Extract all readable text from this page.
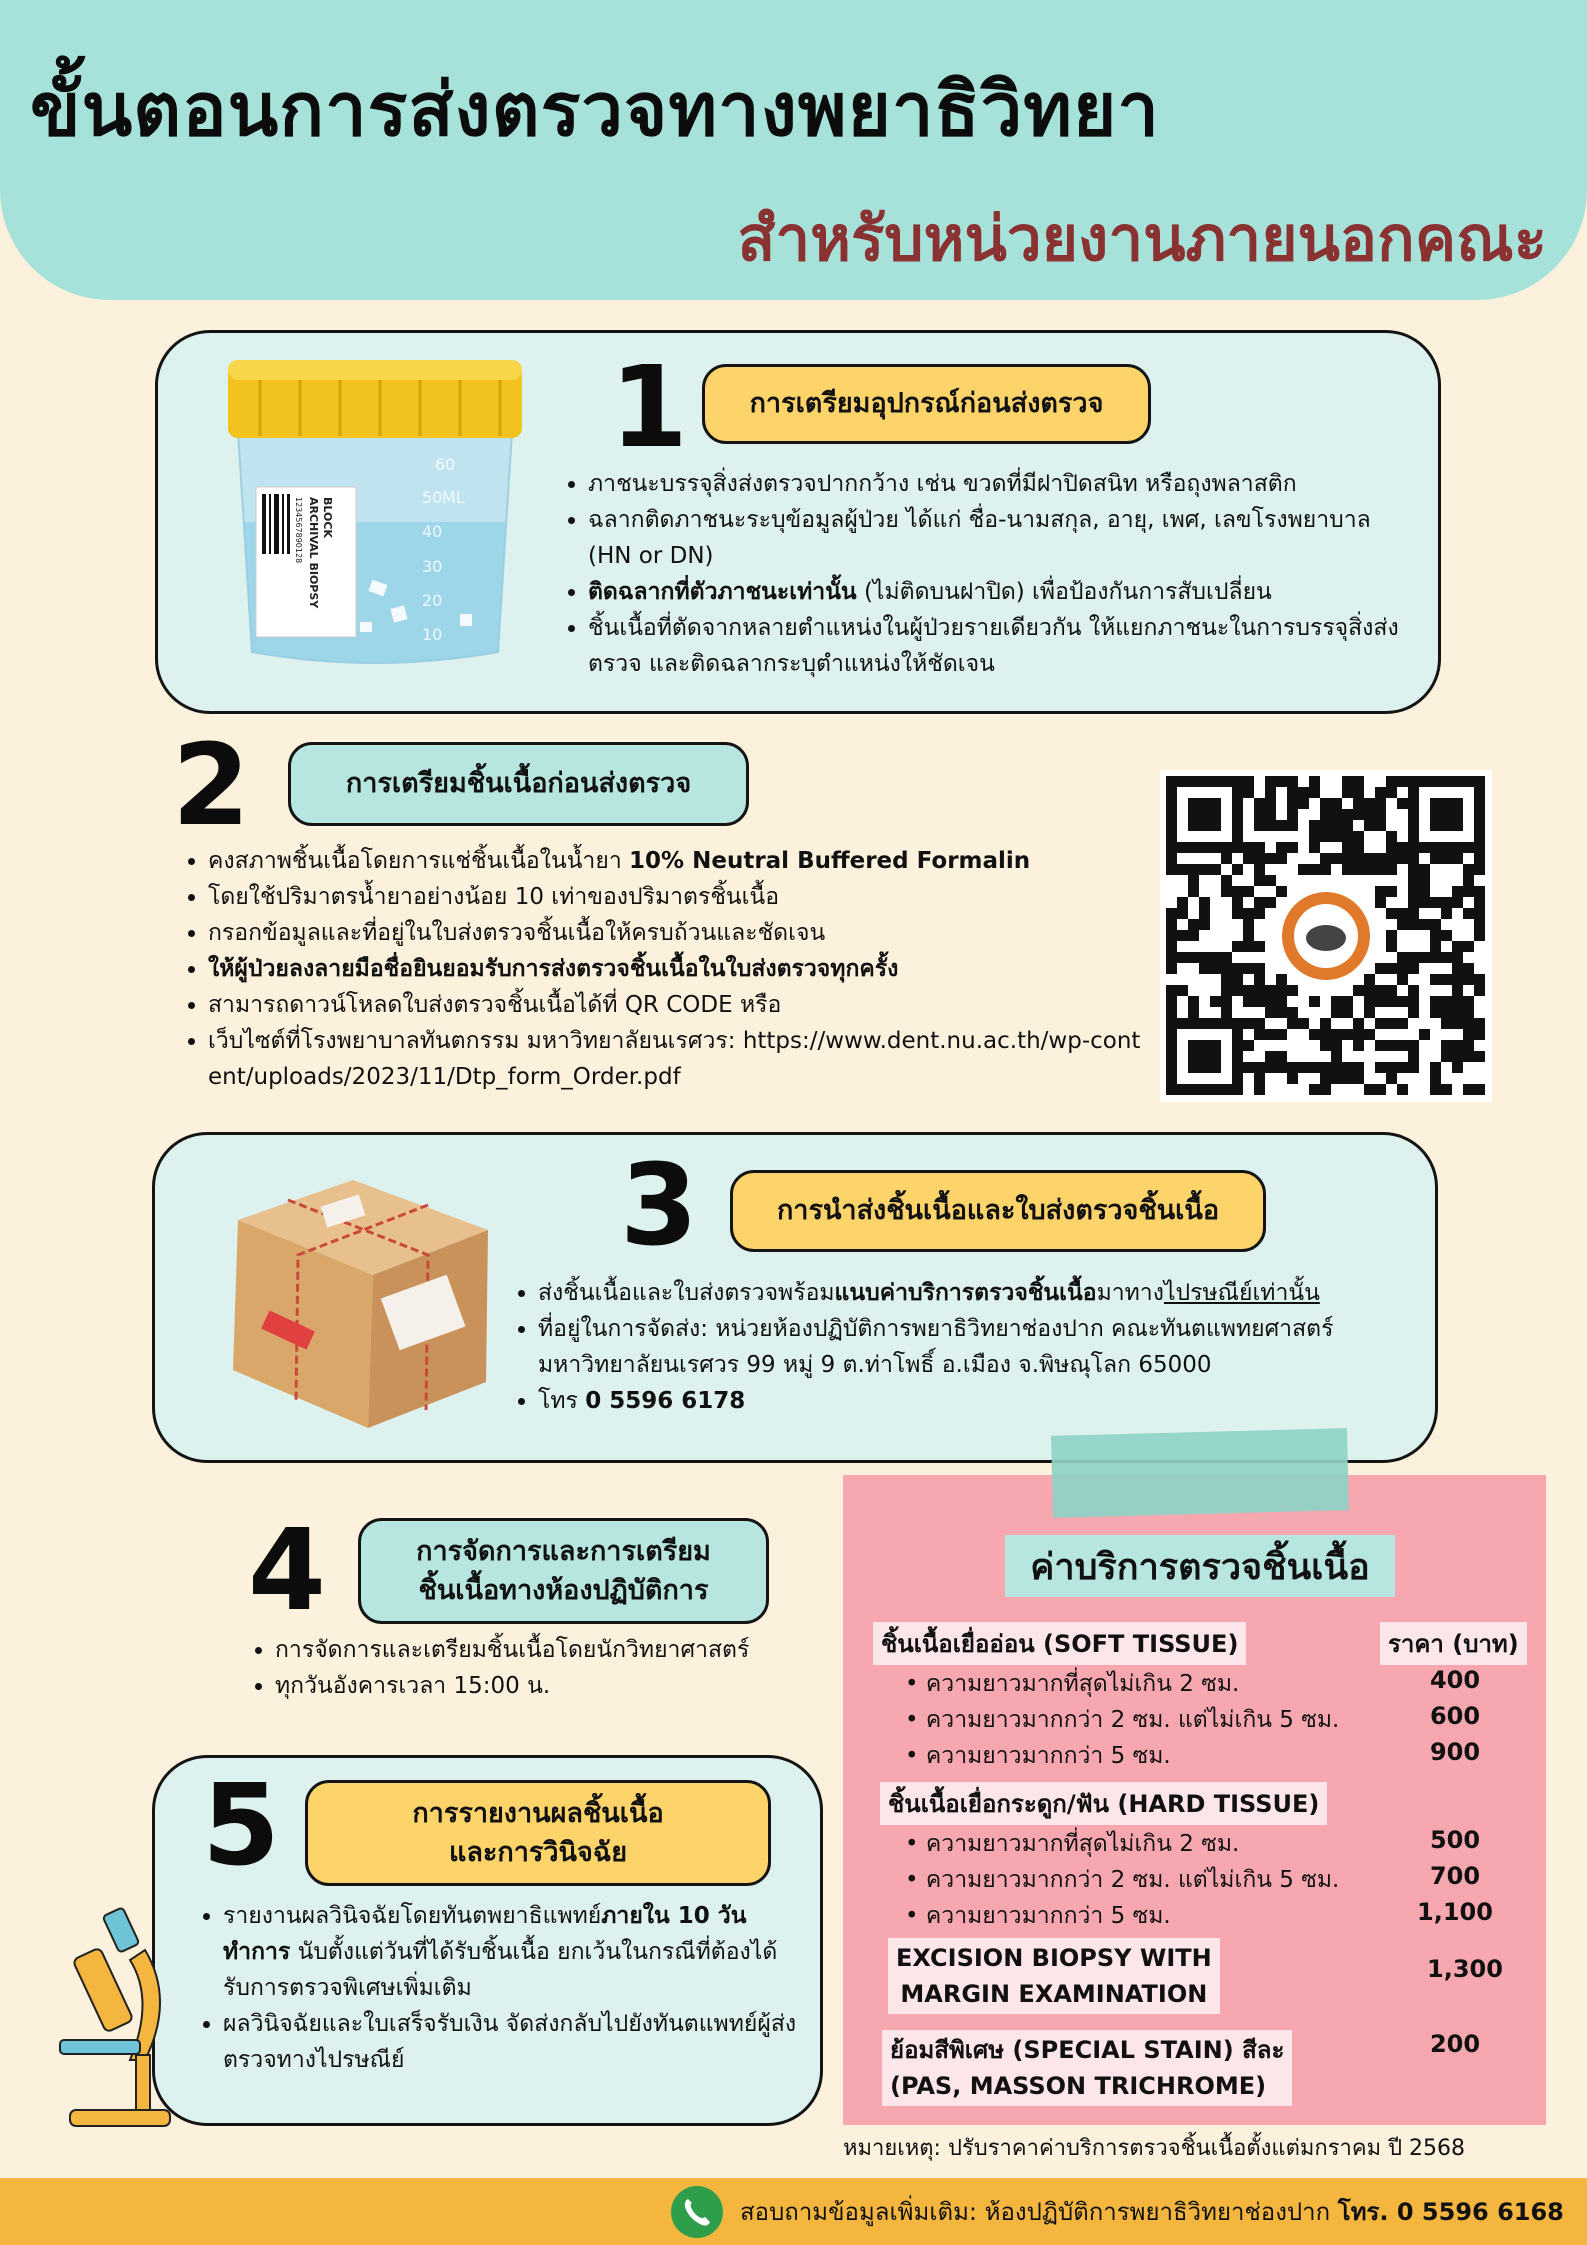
ขั้นตอนการส่งตรวจทางพยาธิวิทยา
สำหรับหน่วยงานภายนอกคณะ
ARCHIVAL BIOPSY BLOCK
1234567890128
60
50 ML
40
30
20
10
1	การเตรียมอุปกรณ์ก่อนส่งตรวจ
• ภาชนะบรรจุสิ่งส่งตรวจปากกว้าง เช่น ขวดที่มีฝาปิดสนิท หรือถุงพลาสติก
• ฉลากติดภาชนะระบุข้อมูลผู้ป่วย ได้แก่ ชื่อ-นามสกุล, อายุ, เพศ, เลขโรงพยาบาล (HN or DN)
• ติดฉลากที่ตัวภาชนะเท่านั้น (ไม่ติดบนฝาปิด) เพื่อป้องกันการสับเปลี่ยน
• ชิ้นเนื้อที่ตัดจากหลายตำแหน่งในผู้ป่วยรายเดียวกัน ให้แยกภาชนะในการบรรจุสิ่งส่งตรวจ และติดฉลากระบุตำแหน่งให้ชัดเจน
2	การเตรียมชิ้นเนื้อก่อนส่งตรวจ
• คงสภาพชิ้นเนื้อโดยการแช่ชิ้นเนื้อในน้ำยา 10% Neutral Buffered Formalin
• โดยใช้ปริมาตรน้ำยาอย่างน้อย 10 เท่าของปริมาตรชิ้นเนื้อ
• กรอกข้อมูลและที่อยู่ในใบส่งตรวจชิ้นเนื้อให้ครบถ้วนและชัดเจน
• ให้ผู้ป่วยลงลายมือชื่อยินยอมรับการส่งตรวจชิ้นเนื้อในใบส่งตรวจทุกครั้ง
• สามารถดาวน์โหลดใบส่งตรวจชิ้นเนื้อได้ที่ QR CODE หรือ
• เว็บไซต์ที่โรงพยาบาลทันตกรรม มหาวิทยาลัยนเรศวร: https://www.dent.nu.ac.th/wp-content/uploads/2023/11/Dtp_form_Order.pdf
3	การนำส่งชิ้นเนื้อและใบส่งตรวจชิ้นเนื้อ
• ส่งชิ้นเนื้อและใบส่งตรวจพร้อมแนบค่าบริการตรวจชิ้นเนื้อมาทางไปรษณีย์เท่านั้น
• ที่อยู่ในการจัดส่ง: หน่วยห้องปฏิบัติการพยาธิวิทยาช่องปาก คณะทันตแพทยศาสตร์ มหาวิทยาลัยนเรศวร 99 หมู่ 9 ต.ท่าโพธิ์ อ.เมือง จ.พิษณุโลก 65000
• โทร 0 5596 6178
4	การจัดการและการเตรียม
ชิ้นเนื้อทางห้องปฏิบัติการ
• การจัดการและเตรียมชิ้นเนื้อโดยนักวิทยาศาสตร์
• ทุกวันอังคารเวลา 15:00 น.
5	การรายงานผลชิ้นเนื้อ
และการวินิจฉัย
• รายงานผลวินิจฉัยโดยทันตพยาธิแพทย์ภายใน 10 วันทำการ นับตั้งแต่วันที่ได้รับชิ้นเนื้อ ยกเว้นในกรณีที่ต้องได้รับการตรวจพิเศษเพิ่มเติม
• ผลวินิจฉัยและใบเสร็จรับเงิน จัดส่งกลับไปยังทันตแพทย์ผู้ส่งตรวจทางไปรษณีย์
ค่าบริการตรวจชิ้นเนื้อ
ชิ้นเนื้อเยื่ออ่อน (SOFT TISSUE)	ราคา (บาท)
• ความยาวมากที่สุดไม่เกิน 2 ซม.	400
• ความยาวมากกว่า 2 ซม. แต่ไม่เกิน 5 ซม.	600
• ความยาวมากกว่า 5 ซม.	900
ชิ้นเนื้อเยื่อกระดูก/ฟัน (HARD TISSUE)
• ความยาวมากที่สุดไม่เกิน 2 ซม.	500
• ความยาวมากกว่า 2 ซม. แต่ไม่เกิน 5 ซม.	700
• ความยาวมากกว่า 5 ซม.	1,100
EXCISION BIOPSY WITH
MARGIN EXAMINATION
1,300
ย้อมสีพิเศษ (SPECIAL STAIN) สีละ
(PAS, MASSON TRICHROME)
200
หมายเหตุ: ปรับราคาค่าบริการตรวจชิ้นเนื้อตั้งแต่มกราคม ปี 2568
สอบถามข้อมูลเพิ่มเติม: ห้องปฏิบัติการพยาธิวิทยาช่องปาก โทร. 0 5596 6168
